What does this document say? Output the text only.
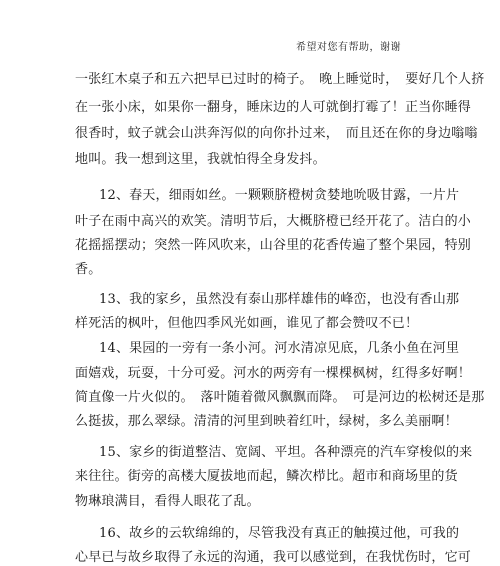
希望对您有帮助，谢谢
一张红木桌子和五六把早已过时的椅子。　晚上睡觉时，　要好几个人挤
在一张小床，如果你一翻身，睡床边的人可就倒打霉了！正当你睡得
很香时，蚊子就会山洪奔泻似的向你扑过来，　而且还在你的身边嗡嗡
地叫。我一想到这里，我就怕得全身发抖。
12、春天，细雨如丝。一颗颗脐橙树贪婪地吮吸甘露，一片片
叶子在雨中高兴的欢笑。清明节后，大概脐橙已经开花了。洁白的小
花摇摇摆动；突然一阵风吹来，山谷里的花香传遍了整个果园，特别
香。
13、我的家乡，虽然没有泰山那样雄伟的峰峦，也没有香山那
样死活的枫叶，但他四季风光如画，谁见了都会赞叹不已！
14、果园的一旁有一条小河。河水清凉见底，几条小鱼在河里
面嬉戏，玩耍，十分可爱。河水的两旁有一棵棵枫树，红得多好啊！
简直像一片火似的。　落叶随着微风飘飘而降。　可是河边的松树还是那
么挺拔，那么翠绿。清清的河里到映着红叶，绿树，多么美丽啊！
15、家乡的街道整洁、宽阔、平坦。各种漂亮的汽车穿梭似的来
来往往。街旁的高楼大厦拔地而起，鳞次栉比。超市和商场里的货
物琳琅满目，看得人眼花了乱。
16、故乡的云软绵绵的，尽管我没有真正的触摸过他，可我的
心早已与故乡取得了永远的沟通，我可以感觉到，在我忧伤时，它可
